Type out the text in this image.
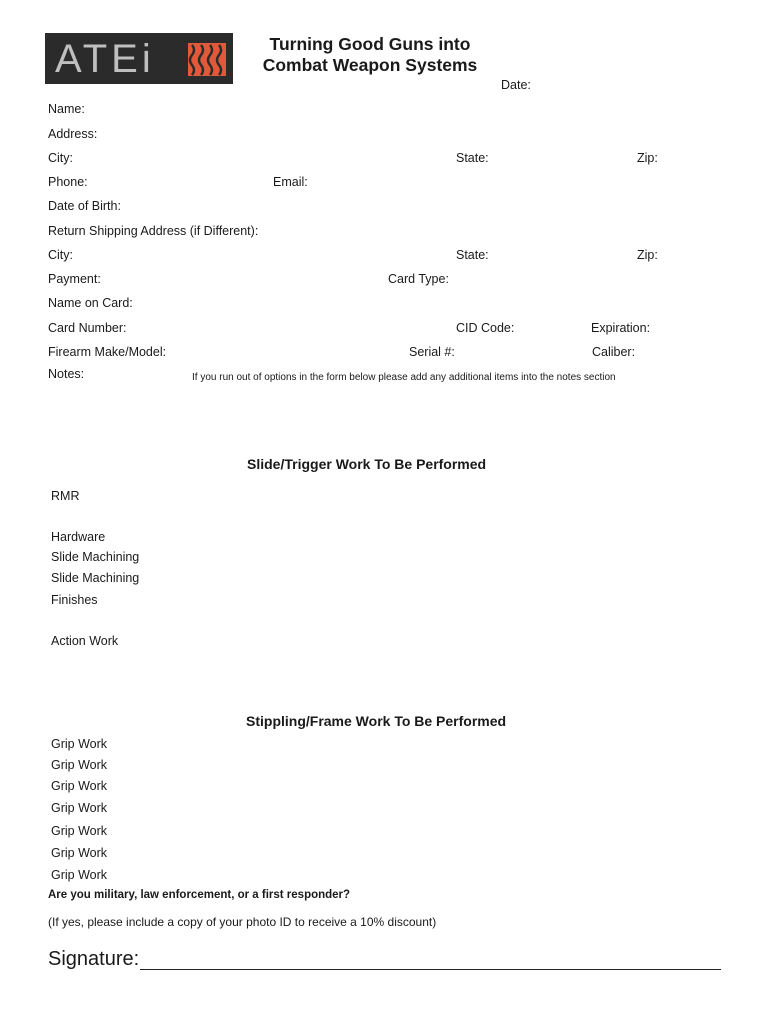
ATEi	Turning Good Guns into
Combat Weapon Systems
Date:
Name:
Address:
City:	State:	Zip:
Phone:	Email:
Date of Birth:
Return Shipping Address (if Different):
City:	State:	Zip:
Payment:	Card Type:
Name on Card:
Card Number:	CID Code:	Expiration:
Firearm Make/Model:	Serial #:	Caliber:
Notes:	If you run out of options in the form below please add any additional items into the notes section
Slide/Trigger Work To Be Performed
RMR
Hardware
Slide Machining
Slide Machining
Finishes
Action Work
Stippling/Frame Work To Be Performed
Grip Work
Grip Work
Grip Work
Grip Work
Grip Work
Grip Work
Grip Work
Are you military, law enforcement, or a first responder?
(If yes, please include a copy of your photo ID to receive a 10% discount)
Signature:
